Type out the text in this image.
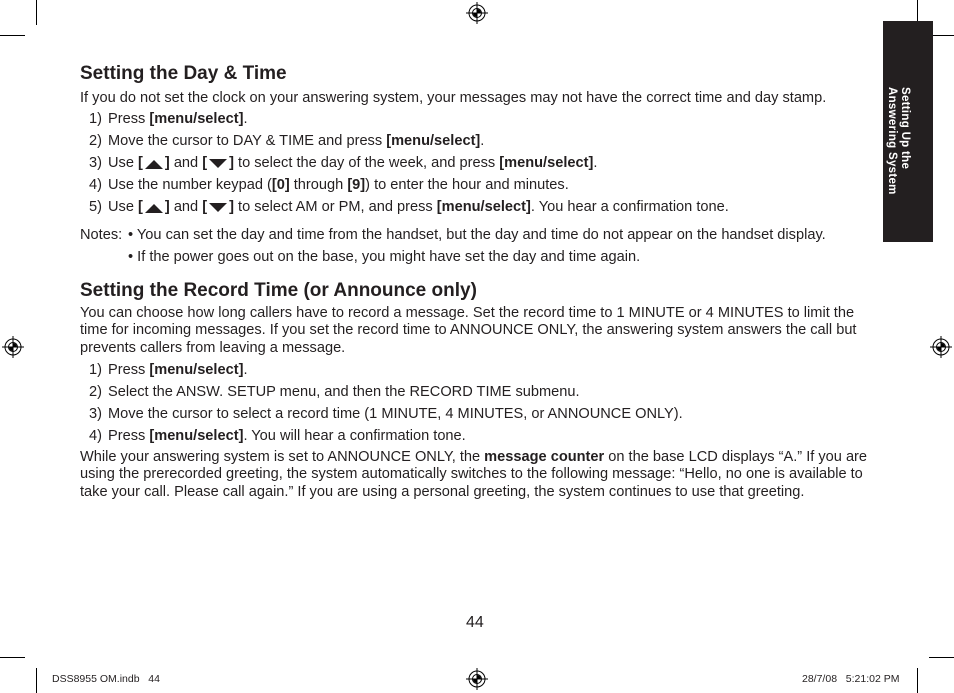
Setting Up the
Answering System
Setting the Day & Time

If you do not set the clock on your answering system, your messages may not have the correct time and day stamp.

1) Press [menu/select].
2) Move the cursor to DAY & TIME and press [menu/select].
3) Use [ ] and [ ] to select the day of the week, and press [menu/select].
4) Use the number keypad ([0] through [9]) to enter the hour and minutes.
5) Use [ ] and [ ] to select AM or PM, and press [menu/select]. You hear a confirmation tone.
Notes: • You can set the day and time from the handset, but the day and time do not appear on the handset display.
• If the power goes out on the base, you might have set the day and time again.
Setting the Record Time (or Announce only)

You can choose how long callers have to record a message. Set the record time to 1 MINUTE or 4 MINUTES to limit the time for incoming messages. If you set the record time to ANNOUNCE ONLY, the answering system answers the call but prevents callers from leaving a message.

1) Press [menu/select].
2) Select the ANSW. SETUP menu, and then the RECORD TIME submenu.
3) Move the cursor to select a record time (1 MINUTE, 4 MINUTES, or ANNOUNCE ONLY).
4) Press [menu/select]. You will hear a confirmation tone.

While your answering system is set to ANNOUNCE ONLY, the message counter on the base LCD displays “A.” If you are using the prerecorded greeting, the system automatically switches to the following message: “Hello, no one is available to take your call. Please call again.” If you are using a personal greeting, the system continues to use that greeting.

44
DSS8955 OM.indb   44	28/7/08   5:21:02 PM
